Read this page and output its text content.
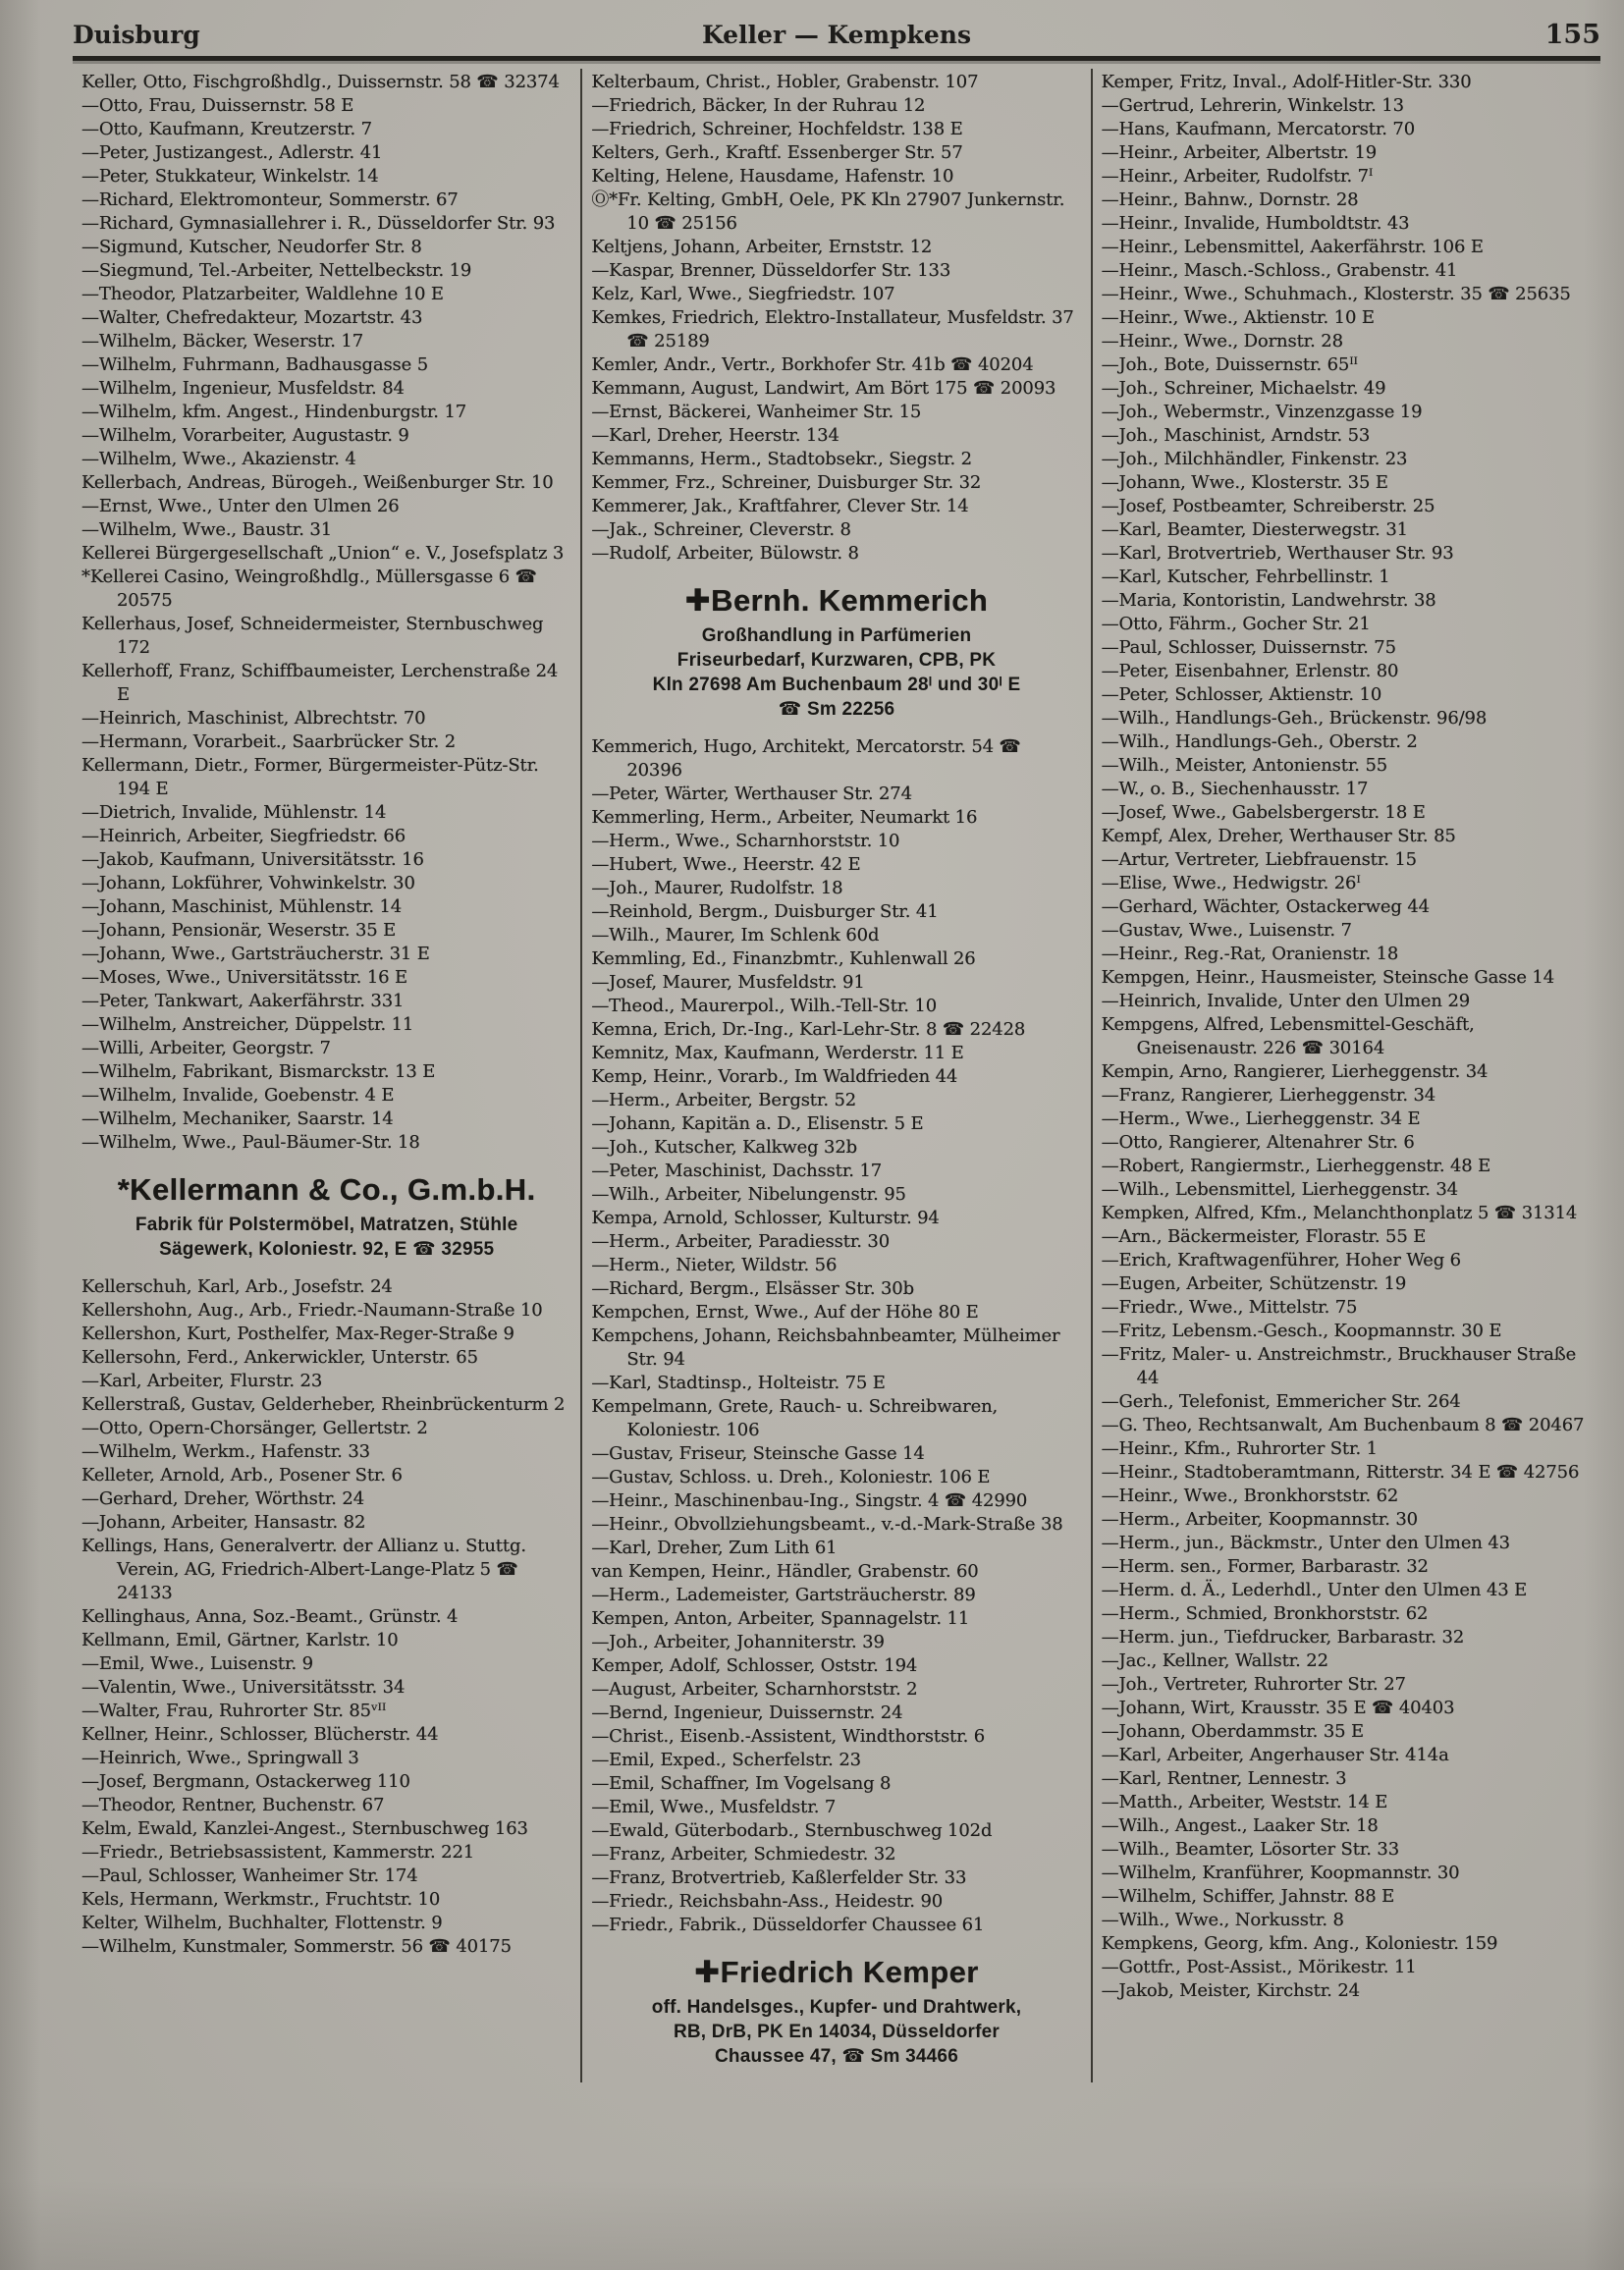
Duisburg	Keller — Kempkens	155
Keller, Otto, Fischgroßhdlg., Duissernstr. 58 ☎ 32374
—Otto, Frau, Duissernstr. 58 E
—Otto, Kaufmann, Kreutzerstr. 7
—Peter, Justizangest., Adlerstr. 41
—Peter, Stukkateur, Winkelstr. 14
—Richard, Elektromonteur, Sommerstr. 67
—Richard, Gymnasiallehrer i. R., Düsseldorfer Str. 93
—Sigmund, Kutscher, Neudorfer Str. 8
—Siegmund, Tel.-Arbeiter, Nettelbeckstr. 19
—Theodor, Platzarbeiter, Waldlehne 10 E
—Walter, Chefredakteur, Mozartstr. 43
—Wilhelm, Bäcker, Weserstr. 17
—Wilhelm, Fuhrmann, Badhausgasse 5
—Wilhelm, Ingenieur, Musfeldstr. 84
—Wilhelm, kfm. Angest., Hindenburgstr. 17
—Wilhelm, Vorarbeiter, Augustastr. 9
—Wilhelm, Wwe., Akazienstr. 4
Kellerbach, Andreas, Bürogeh., Weißenburger Str. 10
—Ernst, Wwe., Unter den Ulmen 26
—Wilhelm, Wwe., Baustr. 31
Kellerei Bürgergesellschaft „Union“ e. V., Josefsplatz 3
*Kellerei Casino, Weingroßhdlg., Müllersgasse 6 ☎ 20575
Kellerhaus, Josef, Schneidermeister, Sternbuschweg 172
Kellerhoff, Franz, Schiffbaumeister, Lerchenstraße 24 E
—Heinrich, Maschinist, Albrechtstr. 70
—Hermann, Vorarbeit., Saarbrücker Str. 2
Kellermann, Dietr., Former, Bürgermeister-Pütz-Str. 194 E
—Dietrich, Invalide, Mühlenstr. 14
—Heinrich, Arbeiter, Siegfriedstr. 66
—Jakob, Kaufmann, Universitätsstr. 16
—Johann, Lokführer, Vohwinkelstr. 30
—Johann, Maschinist, Mühlenstr. 14
—Johann, Pensionär, Weserstr. 35 E
—Johann, Wwe., Gartsträucherstr. 31 E
—Moses, Wwe., Universitätsstr. 16 E
—Peter, Tankwart, Aakerfährstr. 331
—Wilhelm, Anstreicher, Düppelstr. 11
—Willi, Arbeiter, Georgstr. 7
—Wilhelm, Fabrikant, Bismarckstr. 13 E
—Wilhelm, Invalide, Goebenstr. 4 E
—Wilhelm, Mechaniker, Saarstr. 14
—Wilhelm, Wwe., Paul-Bäumer-Str. 18
*Kellermann & Co., G.m.b.H.
Fabrik für Polstermöbel, Matratzen, Stühle
Sägewerk, Koloniestr. 92, E ☎ 32955
Kellerschuh, Karl, Arb., Josefstr. 24
Kellershohn, Aug., Arb., Friedr.-Naumann-Straße 10
Kellershon, Kurt, Posthelfer, Max-Reger-Straße 9
Kellersohn, Ferd., Ankerwickler, Unterstr. 65
—Karl, Arbeiter, Flurstr. 23
Kellerstraß, Gustav, Gelderheber, Rheinbrückenturm 2
—Otto, Opern-Chorsänger, Gellertstr. 2
—Wilhelm, Werkm., Hafenstr. 33
Kelleter, Arnold, Arb., Posener Str. 6
—Gerhard, Dreher, Wörthstr. 24
—Johann, Arbeiter, Hansastr. 82
Kellings, Hans, Generalvertr. der Allianz u. Stuttg. Verein, AG, Friedrich-Albert-Lange-Platz 5 ☎ 24133
Kellinghaus, Anna, Soz.-Beamt., Grünstr. 4
Kellmann, Emil, Gärtner, Karlstr. 10
—Emil, Wwe., Luisenstr. 9
—Valentin, Wwe., Universitätsstr. 34
—Walter, Frau, Ruhrorter Str. 85ᵛᴵᴵ
Kellner, Heinr., Schlosser, Blücherstr. 44
—Heinrich, Wwe., Springwall 3
—Josef, Bergmann, Ostackerweg 110
—Theodor, Rentner, Buchenstr. 67
Kelm, Ewald, Kanzlei-Angest., Sternbuschweg 163
—Friedr., Betriebsassistent, Kammerstr. 221
—Paul, Schlosser, Wanheimer Str. 174
Kels, Hermann, Werkmstr., Fruchtstr. 10
Kelter, Wilhelm, Buchhalter, Flottenstr. 9
—Wilhelm, Kunstmaler, Sommerstr. 56 ☎ 40175
Kelterbaum, Christ., Hobler, Grabenstr. 107
—Friedrich, Bäcker, In der Ruhrau 12
—Friedrich, Schreiner, Hochfeldstr. 138 E
Kelters, Gerh., Kraftf. Essenberger Str. 57
Kelting, Helene, Hausdame, Hafenstr. 10
Ⓞ*Fr. Kelting, GmbH, Oele, PK Kln 27907 Junkernstr. 10 ☎ 25156
Keltjens, Johann, Arbeiter, Ernststr. 12
—Kaspar, Brenner, Düsseldorfer Str. 133
Kelz, Karl, Wwe., Siegfriedstr. 107
Kemkes, Friedrich, Elektro-Installateur, Musfeldstr. 37 ☎ 25189
Kemler, Andr., Vertr., Borkhofer Str. 41b ☎ 40204
Kemmann, August, Landwirt, Am Bört 175 ☎ 20093
—Ernst, Bäckerei, Wanheimer Str. 15
—Karl, Dreher, Heerstr. 134
Kemmanns, Herm., Stadtobsekr., Siegstr. 2
Kemmer, Frz., Schreiner, Duisburger Str. 32
Kemmerer, Jak., Kraftfahrer, Clever Str. 14
—Jak., Schreiner, Cleverstr. 8
—Rudolf, Arbeiter, Bülowstr. 8
✚Bernh. Kemmerich
Großhandlung in Parfümerien
Friseurbedarf, Kurzwaren, CPB, PK
Kln 27698 Am Buchenbaum 28ᴵ und 30ᴵ E
☎ Sm 22256
Kemmerich, Hugo, Architekt, Mercatorstr. 54 ☎ 20396
—Peter, Wärter, Werthauser Str. 274
Kemmerling, Herm., Arbeiter, Neumarkt 16
—Herm., Wwe., Scharnhorststr. 10
—Hubert, Wwe., Heerstr. 42 E
—Joh., Maurer, Rudolfstr. 18
—Reinhold, Bergm., Duisburger Str. 41
—Wilh., Maurer, Im Schlenk 60d
Kemmling, Ed., Finanzbmtr., Kuhlenwall 26
—Josef, Maurer, Musfeldstr. 91
—Theod., Maurerpol., Wilh.-Tell-Str. 10
Kemna, Erich, Dr.-Ing., Karl-Lehr-Str. 8 ☎ 22428
Kemnitz, Max, Kaufmann, Werderstr. 11 E
Kemp, Heinr., Vorarb., Im Waldfrieden 44
—Herm., Arbeiter, Bergstr. 52
—Johann, Kapitän a. D., Elisenstr. 5 E
—Joh., Kutscher, Kalkweg 32b
—Peter, Maschinist, Dachsstr. 17
—Wilh., Arbeiter, Nibelungenstr. 95
Kempa, Arnold, Schlosser, Kulturstr. 94
—Herm., Arbeiter, Paradiesstr. 30
—Herm., Nieter, Wildstr. 56
—Richard, Bergm., Elsässer Str. 30b
Kempchen, Ernst, Wwe., Auf der Höhe 80 E
Kempchens, Johann, Reichsbahnbeamter, Mülheimer Str. 94
—Karl, Stadtinsp., Holteistr. 75 E
Kempelmann, Grete, Rauch- u. Schreibwaren, Koloniestr. 106
—Gustav, Friseur, Steinsche Gasse 14
—Gustav, Schloss. u. Dreh., Koloniestr. 106 E
—Heinr., Maschinenbau-Ing., Singstr. 4 ☎ 42990
—Heinr., Obvollziehungsbeamt., v.-d.-Mark-Straße 38
—Karl, Dreher, Zum Lith 61
van Kempen, Heinr., Händler, Grabenstr. 60
—Herm., Lademeister, Gartsträucherstr. 89
Kempen, Anton, Arbeiter, Spannagelstr. 11
—Joh., Arbeiter, Johanniterstr. 39
Kemper, Adolf, Schlosser, Oststr. 194
—August, Arbeiter, Scharnhorststr. 2
—Bernd, Ingenieur, Duissernstr. 24
—Christ., Eisenb.-Assistent, Windthorststr. 6
—Emil, Exped., Scherfelstr. 23
—Emil, Schaffner, Im Vogelsang 8
—Emil, Wwe., Musfeldstr. 7
—Ewald, Güterbodarb., Sternbuschweg 102d
—Franz, Arbeiter, Schmiedestr. 32
—Franz, Brotvertrieb, Kaßlerfelder Str. 33
—Friedr., Reichsbahn-Ass., Heidestr. 90
—Friedr., Fabrik., Düsseldorfer Chaussee 61
✚Friedrich Kemper
off. Handelsges., Kupfer- und Drahtwerk,
RB, DrB, PK En 14034, Düsseldorfer
Chaussee 47, ☎ Sm 34466
Kemper, Fritz, Inval., Adolf-Hitler-Str. 330
—Gertrud, Lehrerin, Winkelstr. 13
—Hans, Kaufmann, Mercatorstr. 70
—Heinr., Arbeiter, Albertstr. 19
—Heinr., Arbeiter, Rudolfstr. 7ᴵ
—Heinr., Bahnw., Dornstr. 28
—Heinr., Invalide, Humboldtstr. 43
—Heinr., Lebensmittel, Aakerfährstr. 106 E
—Heinr., Masch.-Schloss., Grabenstr. 41
—Heinr., Wwe., Schuhmach., Klosterstr. 35 ☎ 25635
—Heinr., Wwe., Aktienstr. 10 E
—Heinr., Wwe., Dornstr. 28
—Joh., Bote, Duissernstr. 65ᴵᴵ
—Joh., Schreiner, Michaelstr. 49
—Joh., Webermstr., Vinzenzgasse 19
—Joh., Maschinist, Arndstr. 53
—Joh., Milchhändler, Finkenstr. 23
—Johann, Wwe., Klosterstr. 35 E
—Josef, Postbeamter, Schreiberstr. 25
—Karl, Beamter, Diesterwegstr. 31
—Karl, Brotvertrieb, Werthauser Str. 93
—Karl, Kutscher, Fehrbellinstr. 1
—Maria, Kontoristin, Landwehrstr. 38
—Otto, Fährm., Gocher Str. 21
—Paul, Schlosser, Duissernstr. 75
—Peter, Eisenbahner, Erlenstr. 80
—Peter, Schlosser, Aktienstr. 10
—Wilh., Handlungs-Geh., Brückenstr. 96/98
—Wilh., Handlungs-Geh., Oberstr. 2
—Wilh., Meister, Antonienstr. 55
—W., o. B., Siechenhausstr. 17
—Josef, Wwe., Gabelsbergerstr. 18 E
Kempf, Alex, Dreher, Werthauser Str. 85
—Artur, Vertreter, Liebfrauenstr. 15
—Elise, Wwe., Hedwigstr. 26ᴵ
—Gerhard, Wächter, Ostackerweg 44
—Gustav, Wwe., Luisenstr. 7
—Heinr., Reg.-Rat, Oranienstr. 18
Kempgen, Heinr., Hausmeister, Steinsche Gasse 14
—Heinrich, Invalide, Unter den Ulmen 29
Kempgens, Alfred, Lebensmittel-Geschäft, Gneisenaustr. 226 ☎ 30164
Kempin, Arno, Rangierer, Lierheggenstr. 34
—Franz, Rangierer, Lierheggenstr. 34
—Herm., Wwe., Lierheggenstr. 34 E
—Otto, Rangierer, Altenahrer Str. 6
—Robert, Rangiermstr., Lierheggenstr. 48 E
—Wilh., Lebensmittel, Lierheggenstr. 34
Kempken, Alfred, Kfm., Melanchthonplatz 5 ☎ 31314
—Arn., Bäckermeister, Florastr. 55 E
—Erich, Kraftwagenführer, Hoher Weg 6
—Eugen, Arbeiter, Schützenstr. 19
—Friedr., Wwe., Mittelstr. 75
—Fritz, Lebensm.-Gesch., Koopmannstr. 30 E
—Fritz, Maler- u. Anstreichmstr., Bruckhauser Straße 44
—Gerh., Telefonist, Emmericher Str. 264
—G. Theo, Rechtsanwalt, Am Buchenbaum 8 ☎ 20467
—Heinr., Kfm., Ruhrorter Str. 1
—Heinr., Stadtoberamtmann, Ritterstr. 34 E ☎ 42756
—Heinr., Wwe., Bronkhorststr. 62
—Herm., Arbeiter, Koopmannstr. 30
—Herm., jun., Bäckmstr., Unter den Ulmen 43
—Herm. sen., Former, Barbarastr. 32
—Herm. d. Ä., Lederhdl., Unter den Ulmen 43 E
—Herm., Schmied, Bronkhorststr. 62
—Herm. jun., Tiefdrucker, Barbarastr. 32
—Jac., Kellner, Wallstr. 22
—Joh., Vertreter, Ruhrorter Str. 27
—Johann, Wirt, Krausstr. 35 E ☎ 40403
—Johann, Oberdammstr. 35 E
—Karl, Arbeiter, Angerhauser Str. 414a
—Karl, Rentner, Lennestr. 3
—Matth., Arbeiter, Weststr. 14 E
—Wilh., Angest., Laaker Str. 18
—Wilh., Beamter, Lösorter Str. 33
—Wilhelm, Kranführer, Koopmannstr. 30
—Wilhelm, Schiffer, Jahnstr. 88 E
—Wilh., Wwe., Norkusstr. 8
Kempkens, Georg, kfm. Ang., Koloniestr. 159
—Gottfr., Post-Assist., Mörikestr. 11
—Jakob, Meister, Kirchstr. 24
